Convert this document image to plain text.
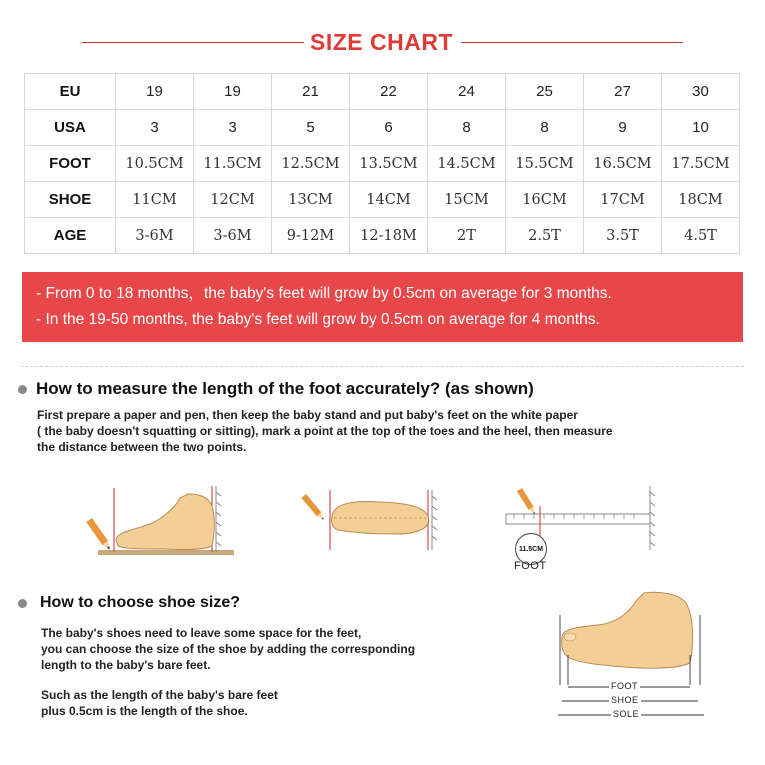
SIZE CHART
EU	19	19	21	22	24	25	27	30
USA	3	3	5	6	8	8	9	10
FOOT	10.5CM	11.5CM	12.5CM	13.5CM	14.5CM	15.5CM	16.5CM	17.5CM
SHOE	11CM	12CM	13CM	14CM	15CM	16CM	17CM	18CM
AGE	3-6M	3-6M	9-12M	12-18M	2T	2.5T	3.5T	4.5T
- From 0 to 18 months，the baby's feet will grow by 0.5cm on average for 3 months.
- In the 19-50 months, the baby's feet will grow by 0.5cm on average for 4 months.
How to measure the length of the foot accurately? (as shown)
First prepare a paper and pen, then keep the baby stand and put baby's feet on the white paper
( the baby doesn't squatting or sitting), mark a point at the top of the toes and the heel, then measure
the distance between the two points.
11.5CM
FOOT
How to choose shoe size?
The baby's shoes need to leave some space for the feet,
you can choose the size of the shoe by adding the corresponding
length to the baby's bare feet.
Such as the length of the baby's bare feet
plus 0.5cm is the length of the shoe.
FOOT
SHOE
SOLE
